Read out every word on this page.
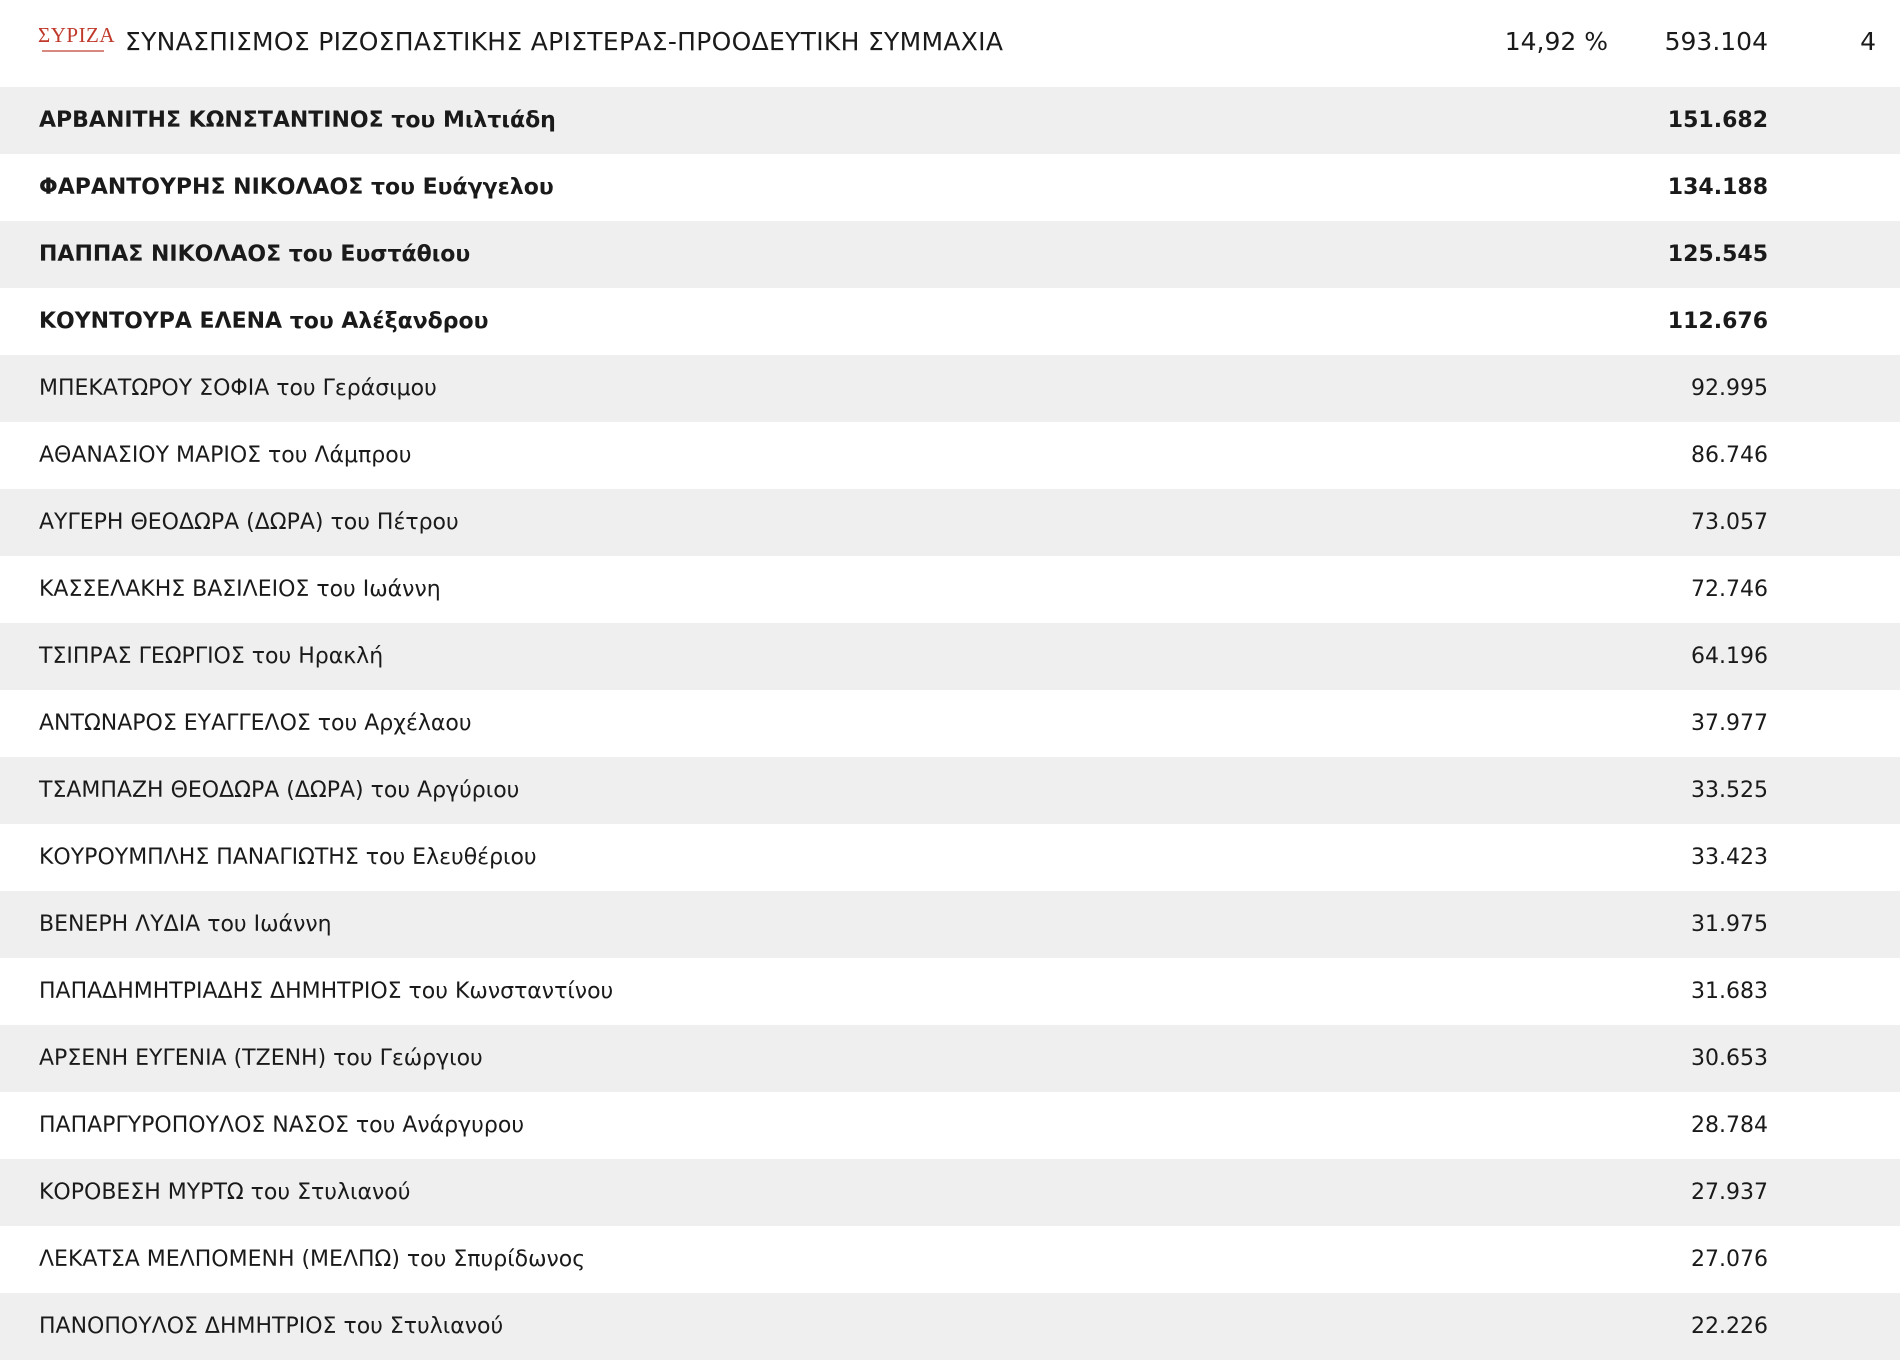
ΣΥΡΙΖΑ ΣΥΝΑΣΠΙΣΜΟΣ ΡΙΖΟΣΠΑΣΤΙΚΗΣ ΑΡΙΣΤΕΡΑΣ-ΠΡΟΟΔΕΥΤΙΚΗ ΣΥΜΜΑΧΙΑ	14,92 % 593.104	4
ΑΡΒΑΝΙΤΗΣ ΚΩΝΣΤΑΝΤΙΝΟΣ του Μιλτιάδη	151.682
ΦΑΡΑΝΤΟΥΡΗΣ ΝΙΚΟΛΑΟΣ του Ευάγγελου	134.188
ΠΑΠΠΑΣ ΝΙΚΟΛΑΟΣ του Ευστάθιου	125.545
ΚΟΥΝΤΟΥΡΑ ΕΛΕΝΑ του Αλέξανδρου	112.676
ΜΠΕΚΑΤΩΡΟΥ ΣΟΦΙΑ του Γεράσιμου	92.995
ΑΘΑΝΑΣΙΟΥ ΜΑΡΙΟΣ του Λάμπρου	86.746
ΑΥΓΕΡΗ ΘΕΟΔΩΡΑ (ΔΩΡΑ) του Πέτρου	73.057
ΚΑΣΣΕΛΑΚΗΣ ΒΑΣΙΛΕΙΟΣ του Ιωάννη	72.746
ΤΣΙΠΡΑΣ ΓΕΩΡΓΙΟΣ του Ηρακλή	64.196
ΑΝΤΩΝΑΡΟΣ ΕΥΑΓΓΕΛΟΣ του Αρχέλαου	37.977
ΤΣΑΜΠΑΖΗ ΘΕΟΔΩΡΑ (ΔΩΡΑ) του Αργύριου	33.525
ΚΟΥΡΟΥΜΠΛΗΣ ΠΑΝΑΓΙΩΤΗΣ του Ελευθέριου	33.423
ΒΕΝΕΡΗ ΛΥΔΙΑ του Ιωάννη	31.975
ΠΑΠΑΔΗΜΗΤΡΙΑΔΗΣ ΔΗΜΗΤΡΙΟΣ του Κωνσταντίνου	31.683
ΑΡΣΕΝΗ ΕΥΓΕΝΙΑ (ΤΖΕΝΗ) του Γεώργιου	30.653
ΠΑΠΑΡΓΥΡΟΠΟΥΛΟΣ ΝΑΣΟΣ του Ανάργυρου	28.784
ΚΟΡΟΒΕΣΗ ΜΥΡΤΩ του Στυλιανού	27.937
ΛΕΚΑΤΣΑ ΜΕΛΠΟΜΕΝΗ (ΜΕΛΠΩ) του Σπυρίδωνος	27.076
ΠΑΝΟΠΟΥΛΟΣ ΔΗΜΗΤΡΙΟΣ του Στυλιανού	22.226
